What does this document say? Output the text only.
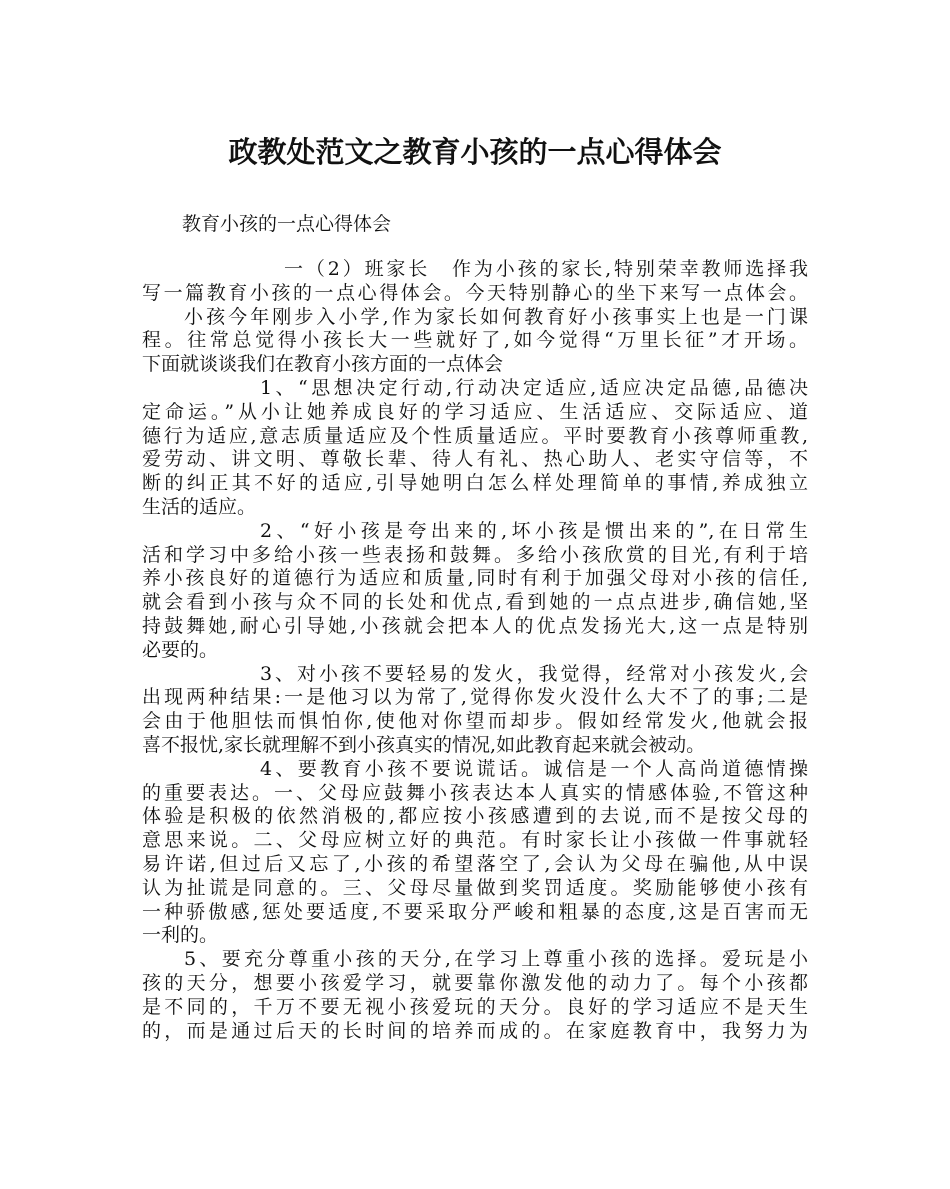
政教处范文之教育小孩的一点心得体会
教育小孩的一点心得体会
一（2）班家长　作为小孩的家长,特别荣幸教师选择我
写一篇教育小孩的一点心得体会。今天特别静心的坐下来写一点体会。
小孩今年刚步入小学,作为家长如何教育好小孩事实上也是一门课
程。往常总觉得小孩长大一些就好了,如今觉得“万里长征”才开场。
下面就谈谈我们在教育小孩方面的一点体会
1、“思想决定行动,行动决定适应,适应决定品德,品德决
定命运。”从小让她养成良好的学习适应、生活适应、交际适应、道
德行为适应,意志质量适应及个性质量适应。平时要教育小孩尊师重教,
爱劳动、讲文明、尊敬长辈、待人有礼、热心助人、老实守信等，不
断的纠正其不好的适应,引导她明白怎么样处理简单的事情,养成独立
生活的适应。
2、“好小孩是夸出来的,坏小孩是惯出来的”,在日常生
活和学习中多给小孩一些表扬和鼓舞。多给小孩欣赏的目光,有利于培
养小孩良好的道德行为适应和质量,同时有利于加强父母对小孩的信任,
就会看到小孩与众不同的长处和优点,看到她的一点点进步,确信她,坚
持鼓舞她,耐心引导她,小孩就会把本人的优点发扬光大,这一点是特别
必要的。
3、对小孩不要轻易的发火，我觉得，经常对小孩发火,会
出现两种结果:一是他习以为常了,觉得你发火没什么大不了的事;二是
会由于他胆怯而惧怕你,使他对你望而却步。假如经常发火,他就会报
喜不报忧,家长就理解不到小孩真实的情况,如此教育起来就会被动。
4、要教育小孩不要说谎话。诚信是一个人高尚道德情操
的重要表达。一、父母应鼓舞小孩表达本人真实的情感体验,不管这种
体验是积极的依然消极的,都应按小孩感遭到的去说,而不是按父母的
意思来说。二、父母应树立好的典范。有时家长让小孩做一件事就轻
易许诺,但过后又忘了,小孩的希望落空了,会认为父母在骗他,从中误
认为扯谎是同意的。三、父母尽量做到奖罚适度。奖励能够使小孩有
一种骄傲感,惩处要适度,不要采取分严峻和粗暴的态度,这是百害而无
一利的。
5、要充分尊重小孩的天分,在学习上尊重小孩的选择。爱玩是小
孩的天分，想要小孩爱学习，就要靠你激发他的动力了。每个小孩都
是不同的，千万不要无视小孩爱玩的天分。良好的学习适应不是天生
的，而是通过后天的长时间的培养而成的。在家庭教育中，我努力为
